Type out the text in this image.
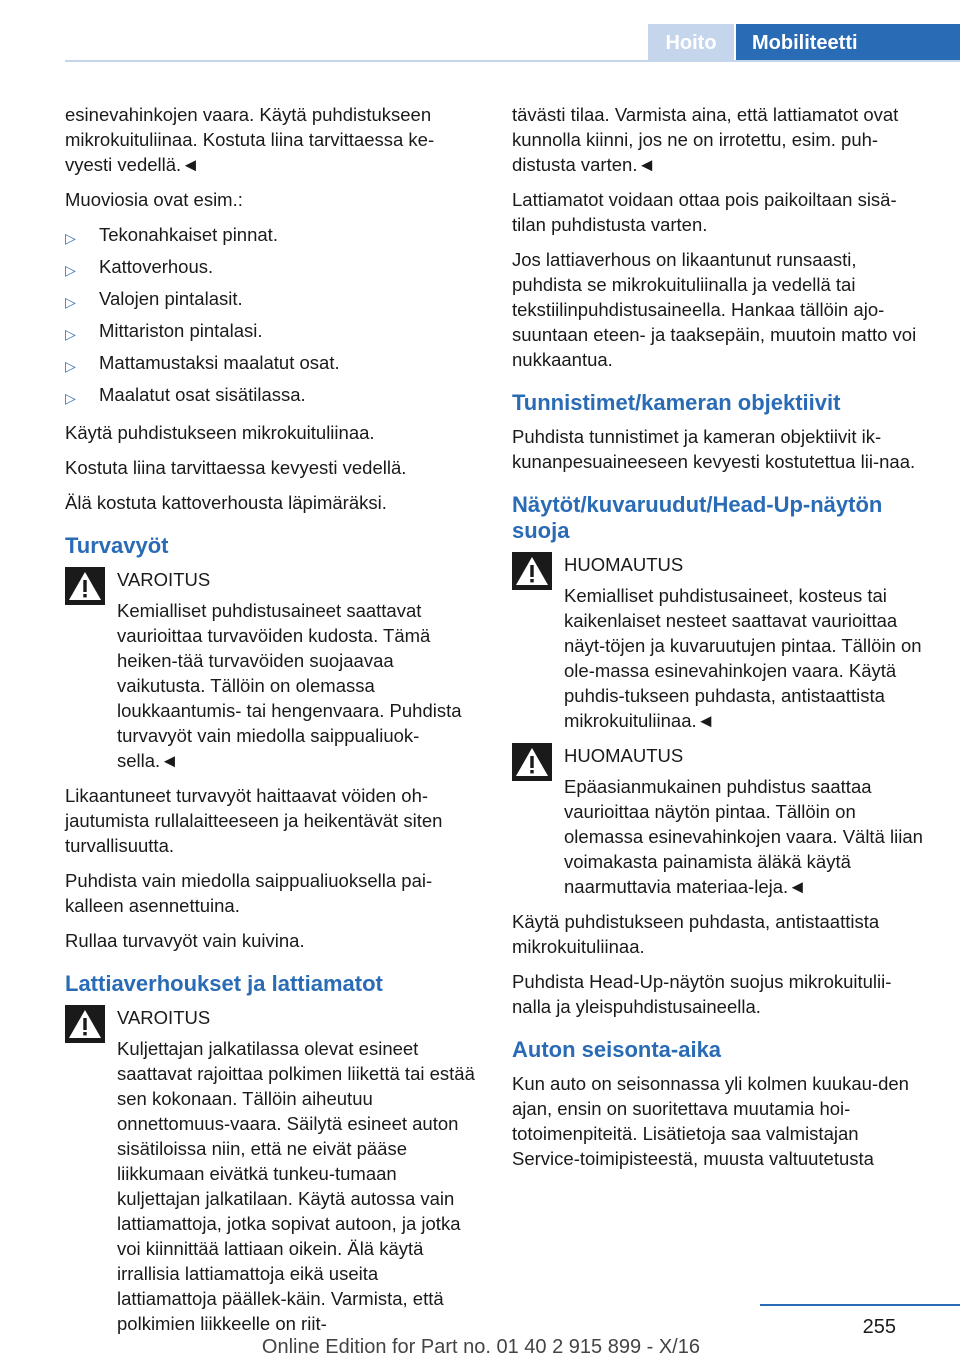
Hoito	Mobiliteetti

esinevahinkojen vaara. Käytä puhdistukseen mikrokuituliinaa. Kostuta liina tarvittaessa ke‐vyesti vedellä.◄

Muoviosia ovat esim.:

▷ Tekonahkaiset pinnat.
▷ Kattoverhous.
▷ Valojen pintalasit.
▷ Mittariston pintalasi.
▷ Mattamustaksi maalatut osat.
▷ Maalatut osat sisätilassa.

Käytä puhdistukseen mikrokuituliinaa.

Kostuta liina tarvittaessa kevyesti vedellä.

Älä kostuta kattoverhousta läpimäräksi.

Turvavyöt
VAROITUS
Kemialliset puhdistusaineet saattavat vaurioittaa turvavöiden kudosta. Tämä heiken‐tää turvavöiden suojaavaa vaikutusta. Tällöin on olemassa loukkaantumis- tai hengenvaara. Puhdista turvavyöt vain miedolla saippualiuok‐sella.◄

Likaantuneet turvavyöt haittaavat vöiden oh‐jautumista rullalaitteeseen ja heikentävät siten turvallisuutta.

Puhdista vain miedolla saippualiuoksella pai‐kalleen asennettuina.

Rullaa turvavyöt vain kuivina.

Lattiaverhoukset ja lattiamatot
VAROITUS
Kuljettajan jalkatilassa olevat esineet saattavat rajoittaa polkimen liikettä tai estää sen kokonaan. Tällöin aiheutuu onnettomuus‐vaara. Säilytä esineet auton sisätiloissa niin, että ne eivät pääse liikkumaan eivätkä tunkeu‐tumaan kuljettajan jalkatilaan. Käytä autossa vain lattiamattoja, jotka sopivat autoon, ja jotka voi kiinnittää lattiaan oikein. Älä käytä irrallisia lattiamattoja eikä useita lattiamattoja päällek‐käin. Varmista, että polkimien liikkeelle on riit‐

tävästi tilaa. Varmista aina, että lattiamatot ovat kunnolla kiinni, jos ne on irrotettu, esim. puh‐distusta varten.◄

Lattiamatot voidaan ottaa pois paikoiltaan sisä‐tilan puhdistusta varten.

Jos lattiaverhous on likaantunut runsaasti, puhdista se mikrokuituliinalla ja vedellä tai tekstiilinpuhdistusaineella. Hankaa tällöin ajo‐suuntaan eteen- ja taaksepäin, muutoin matto voi nukkaantua.

Tunnistimet/kameran objektiivit

Puhdista tunnistimet ja kameran objektiivit ik‐kunanpesuaineeseen kevyesti kostutettua lii‐naa.

Näytöt/kuvaruudut/Head-Up-näytön suoja
HUOMAUTUS
Kemialliset puhdistusaineet, kosteus tai kaikenlaiset nesteet saattavat vaurioittaa näyt‐töjen ja kuvaruutujen pintaa. Tällöin on ole‐massa esinevahinkojen vaara. Käytä puhdis‐tukseen puhdasta, antistaattista mikrokuituliinaa.◄
HUOMAUTUS
Epäasianmukainen puhdistus saattaa vaurioittaa näytön pintaa. Tällöin on olemassa esinevahinkojen vaara. Vältä liian voimakasta painamista äläkä käytä naarmuttavia materiaa‐leja.◄

Käytä puhdistukseen puhdasta, antistaattista mikrokuituliinaa.

Puhdista Head-Up-näytön suojus mikrokuitulii‐nalla ja yleispuhdistusaineella.

Auton seisonta-aika

Kun auto on seisonnassa yli kolmen kuukau‐den ajan, ensin on suoritettava muutamia hoi‐totoimenpiteitä. Lisätietoja saa valmistajan Service-toimipisteestä, muusta valtuutetusta

255
Online Edition for Part no. 01 40 2 915 899 - X/16
